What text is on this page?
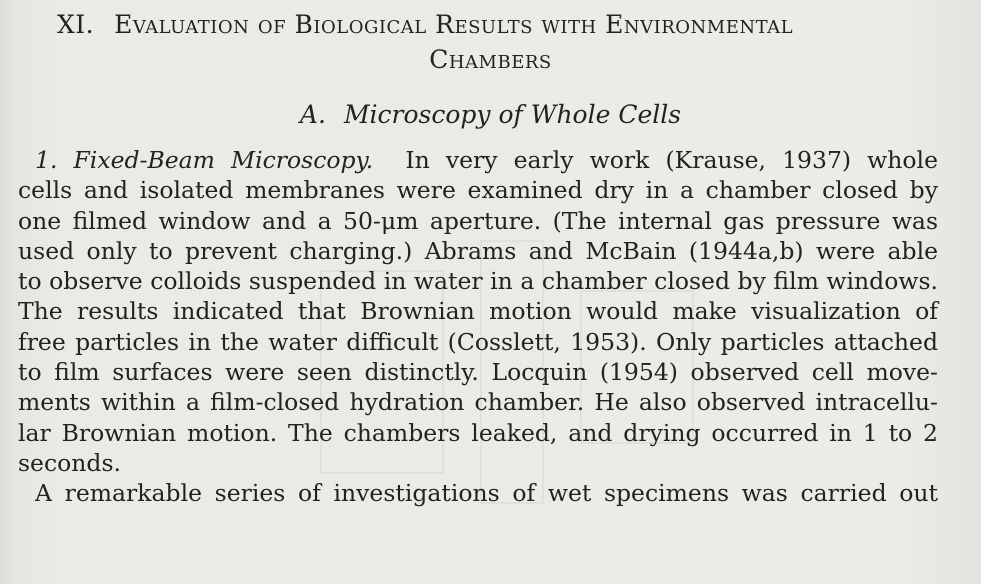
XI. Evaluation of Biological Results with Environmental
Chambers
A. Microscopy of Whole Cells
1. Fixed-Beam Microscopy. In very early work (Krause, 1937) whole
cells and isolated membranes were examined dry in a chamber closed by
one filmed window and a 50-μm aperture. (The internal gas pressure was
used only to prevent charging.) Abrams and McBain (1944a,b) were able
to observe colloids suspended in water in a chamber closed by film windows.
The results indicated that Brownian motion would make visualization of
free particles in the water difficult (Cosslett, 1953). Only particles attached
to film surfaces were seen distinctly. Locquin (1954) observed cell move-
ments within a film-closed hydration chamber. He also observed intracellu-
lar Brownian motion. The chambers leaked, and drying occurred in 1 to 2
seconds.
A remarkable series of investigations of wet specimens was carried out
